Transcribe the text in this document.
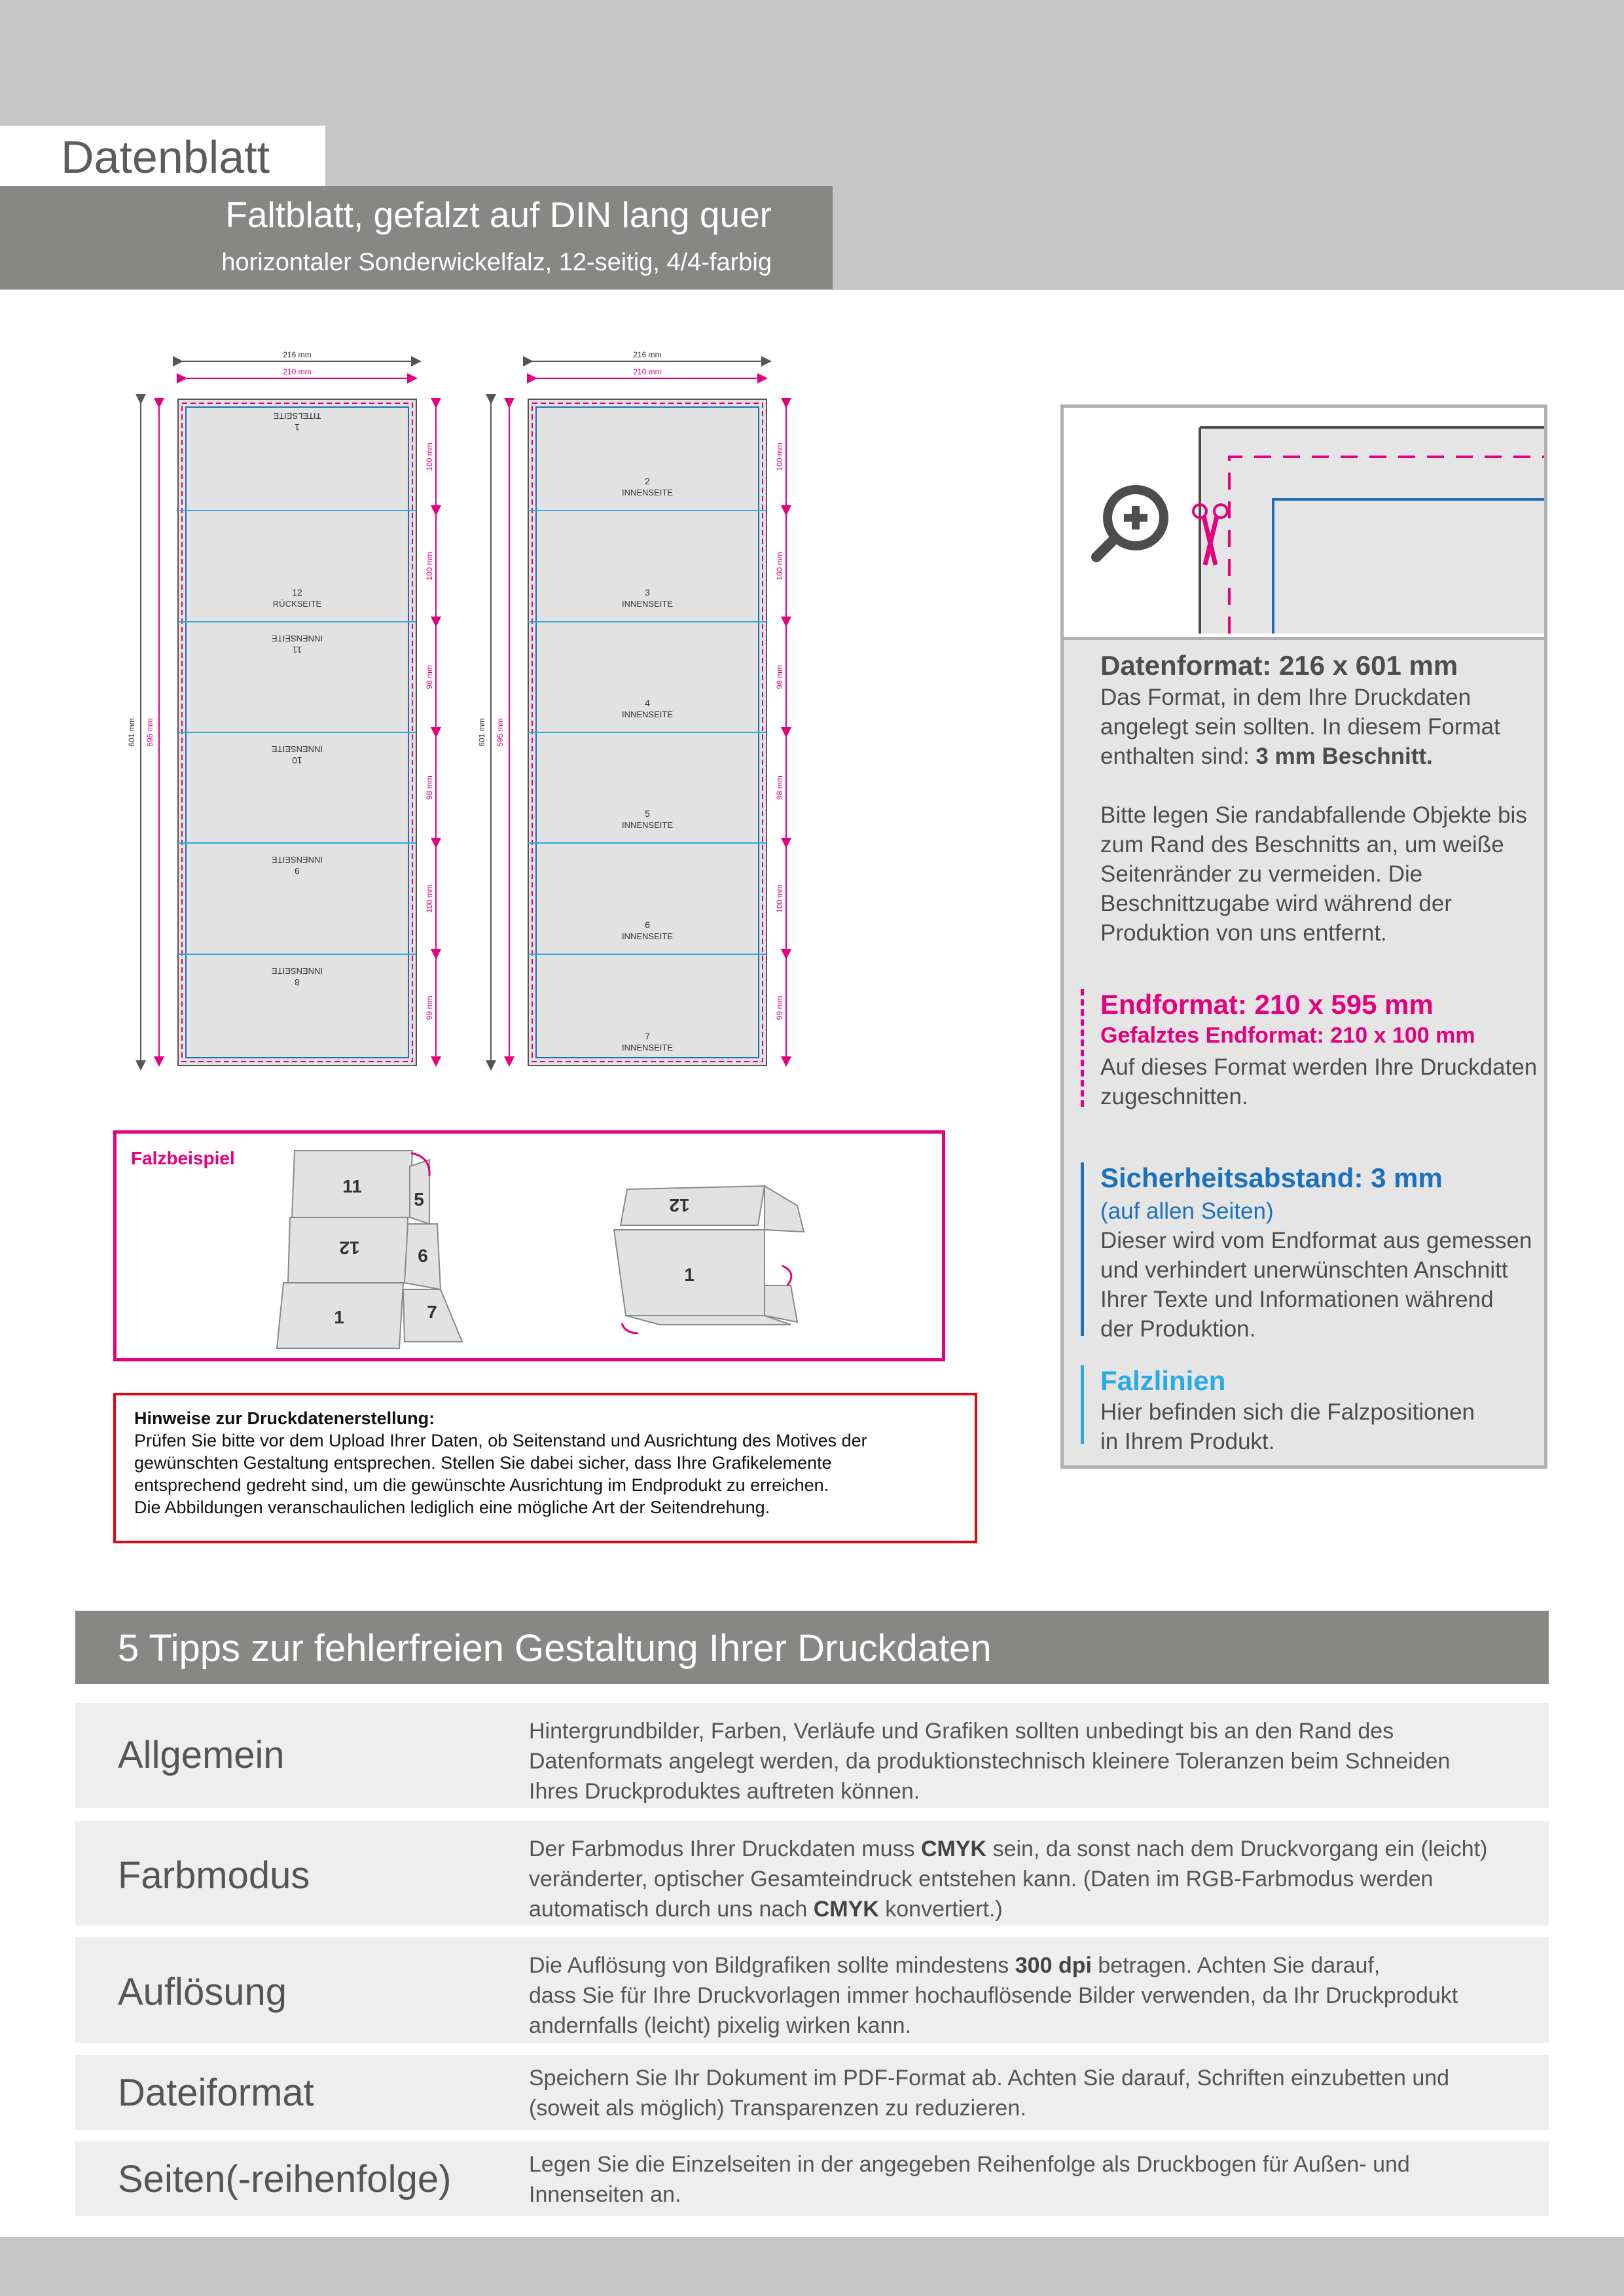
Datenblatt
Faltblatt, gefalzt auf DIN lang quer
horizontaler Sonderwickelfalz, 12-seitig, 4/4-farbig
216 mm
210 mm
601 mm 595 mm
100 mm
100 mm
98 mm
98 mm
100 mm
99 mm
1
TITELSEITE
12
RÜCKSEITE
11
INNENSEITE
10
INNENSEITE
9
INNENSEITE
8
INNENSEITE
216 mm
210 mm
601 mm 595 mm
100 mm
100 mm
98 mm
98 mm
100 mm
99 mm
2
INNENSEITE
3
INNENSEITE
4
INNENSEITE
5
INNENSEITE
6
INNENSEITE
7
INNENSEITE
Falzbeispiel
11
12
1
5
6
7
12
1
Hinweise zur Druckdatenerstellung:
Prüfen Sie bitte vor dem Upload Ihrer Daten, ob Seitenstand und Ausrichtung des Motives der
gewünschten Gestaltung entsprechen. Stellen Sie dabei sicher, dass Ihre Grafikelemente
entsprechend gedreht sind, um die gewünschte Ausrichtung im Endprodukt zu erreichen.
Die Abbildungen veranschaulichen lediglich eine mögliche Art der Seitendrehung.
Datenformat: 216 x 601 mm
Das Format, in dem Ihre Druckdaten
angelegt sein sollten. In diesem Format
enthalten sind: 3 mm Beschnitt.
Bitte legen Sie randabfallende Objekte bis
zum Rand des Beschnitts an, um weiße
Seitenränder zu vermeiden. Die
Beschnittzugabe wird während der
Produktion von uns entfernt.
Endformat: 210 x 595 mm
Gefalztes Endformat: 210 x 100 mm
Auf dieses Format werden Ihre Druckdaten
zugeschnitten.
Sicherheitsabstand: 3 mm
(auf allen Seiten)
Dieser wird vom Endformat aus gemessen
und verhindert unerwünschten Anschnitt
Ihrer Texte und Informationen während
der Produktion.
Falzlinien
Hier befinden sich die Falzpositionen
in Ihrem Produkt.
5 Tipps zur fehlerfreien Gestaltung Ihrer Druckdaten
Allgemein
Hintergrundbilder, Farben, Verläufe und Grafiken sollten unbedingt bis an den Rand des
Datenformats angelegt werden, da produktionstechnisch kleinere Toleranzen beim Schneiden
Ihres Druckproduktes auftreten können.
Farbmodus
Der Farbmodus Ihrer Druckdaten muss CMYK sein, da sonst nach dem Druckvorgang ein (leicht)
veränderter, optischer Gesamteindruck entstehen kann. (Daten im RGB-Farbmodus werden
automatisch durch uns nach CMYK konvertiert.)
Auflösung
Die Auflösung von Bildgrafiken sollte mindestens 300 dpi betragen. Achten Sie darauf,
dass Sie für Ihre Druckvorlagen immer hochauflösende Bilder verwenden, da Ihr Druckprodukt
andernfalls (leicht) pixelig wirken kann.
Dateiformat	Speichern Sie Ihr Dokument im PDF-Format ab. Achten Sie darauf, Schriften einzubetten und
(soweit als möglich) Transparenzen zu reduzieren.
Seiten(-reihenfolge)	Legen Sie die Einzelseiten in der angegeben Reihenfolge als Druckbogen für Außen- und
Innenseiten an.
